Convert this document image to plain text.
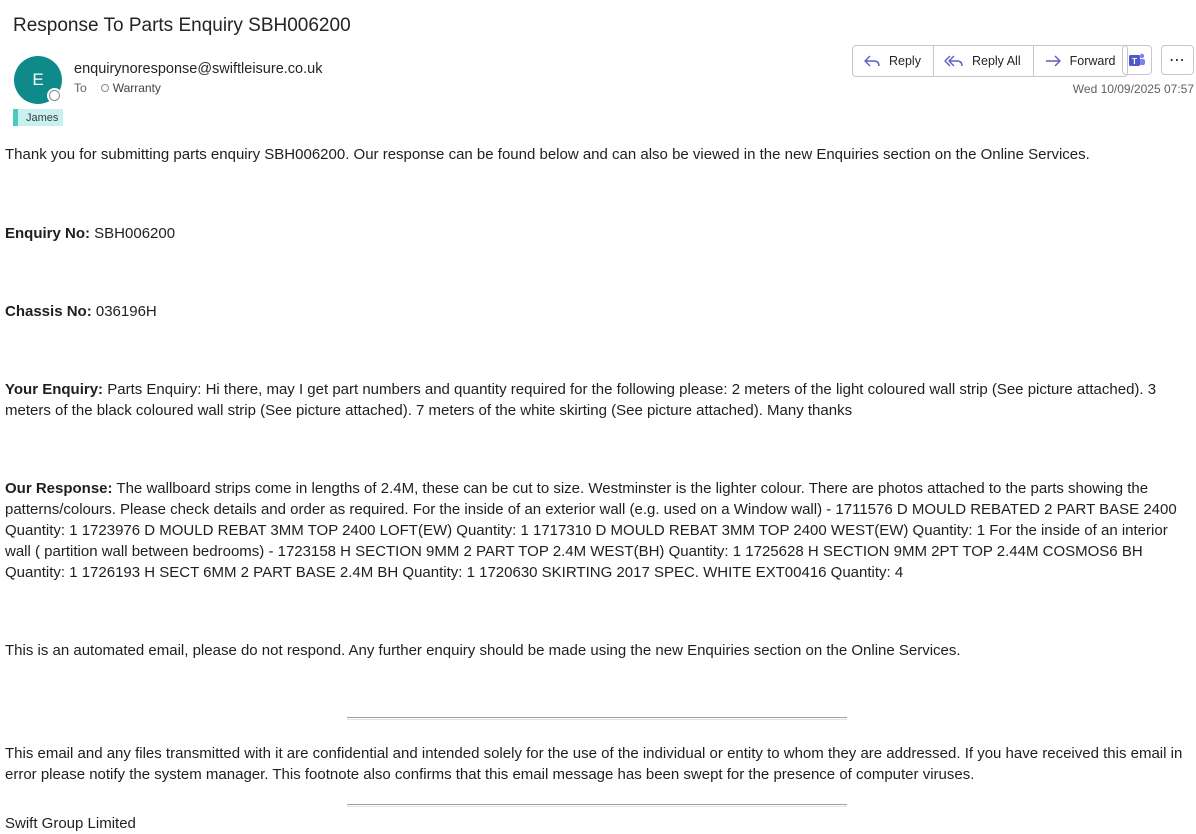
Response To Parts Enquiry SBH006200
E
enquirynoresponse@swiftleisure.co.uk
To Warranty
James
Reply	Reply All	Forward T ⋯
Wed 10/09/2025 07:57
Thank you for submitting parts enquiry SBH006200. Our response can be found below and can also be viewed in the new Enquiries section on the Online Services.
Enquiry No: SBH006200
Chassis No: 036196H
Your Enquiry: Parts Enquiry: Hi there, may I get part numbers and quantity required for the following please: 2 meters of the light coloured wall strip (See picture attached). 3 meters of the black coloured wall strip (See picture attached). 7 meters of the white skirting (See picture attached). Many thanks
Our Response: The wallboard strips come in lengths of 2.4M, these can be cut to size. Westminster is the lighter colour. There are photos attached to the parts showing the patterns/colours. Please check details and order as required. For the inside of an exterior wall (e.g. used on a Window wall) - 1711576 D MOULD REBATED 2 PART BASE 2400 Quantity: 1 1723976 D MOULD REBAT 3MM TOP 2400 LOFT(EW) Quantity: 1 1717310 D MOULD REBAT 3MM TOP 2400 WEST(EW) Quantity: 1 For the inside of an interior wall ( partition wall between bedrooms) - 1723158 H SECTION 9MM 2 PART TOP 2.4M WEST(BH) Quantity: 1 1725628 H SECTION 9MM 2PT TOP 2.44M COSMOS6 BH Quantity: 1 1726193 H SECT 6MM 2 PART BASE 2.4M BH Quantity: 1 1720630 SKIRTING 2017 SPEC. WHITE EXT00416 Quantity: 4
This is an automated email, please do not respond. Any further enquiry should be made using the new Enquiries section on the Online Services.
This email and any files transmitted with it are confidential and intended solely for the use of the individual or entity to whom they are addressed. If you have received this email in error please notify the system manager. This footnote also confirms that this email message has been swept for the presence of computer viruses.
Swift Group Limited
